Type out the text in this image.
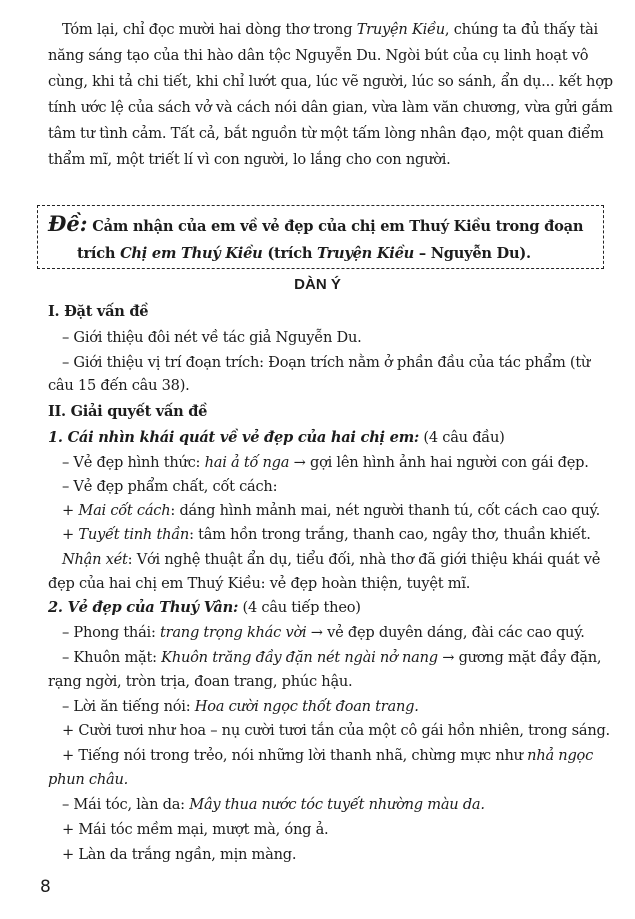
Tóm lại, chỉ đọc mười hai dòng thơ trong Truyện Kiều, chúng ta đủ thấy tài
năng sáng tạo của thi hào dân tộc Nguyễn Du. Ngòi bút của cụ linh hoạt vô
cùng, khi tả chi tiết, khi chỉ lướt qua, lúc vẽ người, lúc so sánh, ẩn dụ... kết hợp
tính ước lệ của sách vở và cách nói dân gian, vừa làm văn chương, vừa gửi gắm
tâm tư tình cảm. Tất cả, bắt nguồn từ một tấm lòng nhân đạo, một quan điểm
thẩm mĩ, một triết lí vì con người, lo lắng cho con người.
Đề: Cảm nhận của em về vẻ đẹp của chị em Thuý Kiều trong đoạn
trích Chị em Thuý Kiều (trích Truyện Kiều – Nguyễn Du).
DÀN Ý
I. Đặt vấn đề
– Giới thiệu đôi nét về tác giả Nguyễn Du.
– Giới thiệu vị trí đoạn trích: Đoạn trích nằm ở phần đầu của tác phẩm (từ
câu 15 đến câu 38).
II. Giải quyết vấn đề
1. Cái nhìn khái quát về vẻ đẹp của hai chị em: (4 câu đầu)
– Vẻ đẹp hình thức: hai ả tố nga → gợi lên hình ảnh hai người con gái đẹp.
– Vẻ đẹp phẩm chất, cốt cách:
+ Mai cốt cách: dáng hình mảnh mai, nét người thanh tú, cốt cách cao quý.
+ Tuyết tinh thần: tâm hồn trong trắng, thanh cao, ngây thơ, thuần khiết.
Nhận xét: Với nghệ thuật ẩn dụ, tiểu đối, nhà thơ đã giới thiệu khái quát vẻ
đẹp của hai chị em Thuý Kiều: vẻ đẹp hoàn thiện, tuyệt mĩ.
2. Vẻ đẹp của Thuý Vân: (4 câu tiếp theo)
– Phong thái: trang trọng khác vời → vẻ đẹp duyên dáng, đài các cao quý.
– Khuôn mặt: Khuôn trăng đầy đặn nét ngài nở nang → gương mặt đầy đặn,
rạng ngời, tròn trịa, đoan trang, phúc hậu.
– Lời ăn tiếng nói: Hoa cười ngọc thốt đoan trang.
+ Cười tươi như hoa – nụ cười tươi tắn của một cô gái hồn nhiên, trong sáng.
+ Tiếng nói trong trẻo, nói những lời thanh nhã, chừng mực như nhả ngọc
phun châu.
– Mái tóc, làn da: Mây thua nước tóc tuyết nhường màu da.
+ Mái tóc mềm mại, mượt mà, óng ả.
+ Làn da trắng ngần, mịn màng.
8
